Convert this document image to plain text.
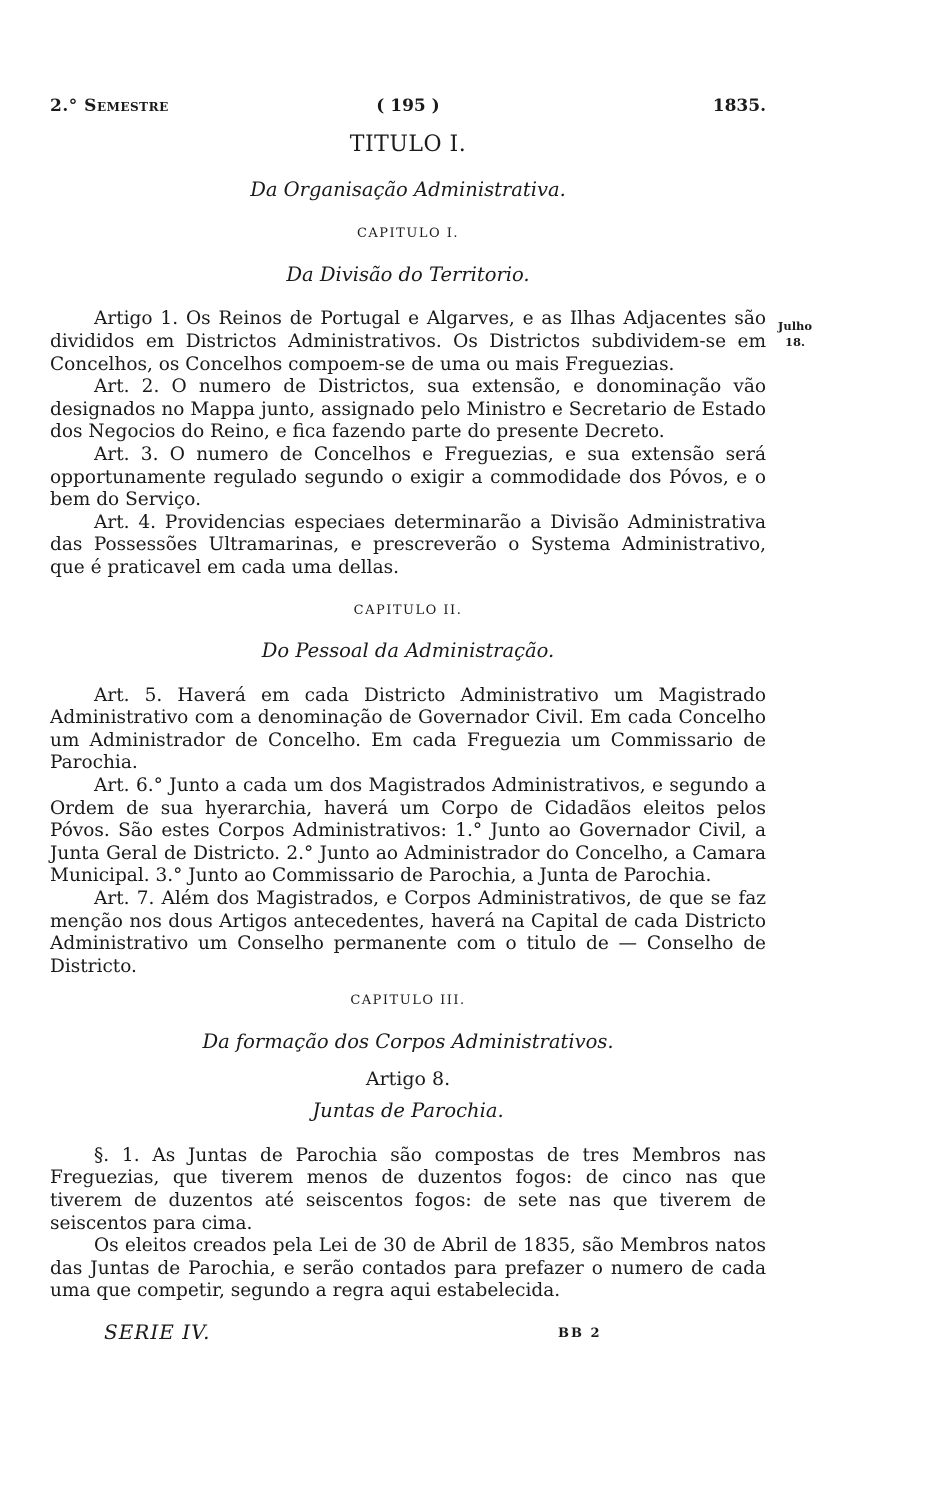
2.° Semestre	( 195 )	1835.
Julho
18.
TITULO I.
Da Organisação Administrativa.
CAPITULO I.
Da Divisão do Territorio.

Artigo 1. Os Reinos de Portugal e Algarves, e as Ilhas Adjacentes são divididos em Districtos Administrativos. Os Districtos subdividem-se em Concelhos, os Concelhos compoem-se de uma ou mais Freguezias.

Art. 2. O numero de Districtos, sua extensão, e donominação vão designados no Mappa junto, assignado pelo Ministro e Secretario de Estado dos Negocios do Reino, e fica fazendo parte do presente Decreto.

Art. 3. O numero de Concelhos e Freguezias, e sua extensão será opportunamente regulado segundo o exigir a commodidade dos Póvos, e o bem do Serviço.

Art. 4. Providencias especiaes determinarão a Divisão Administrativa das Possessões Ultramarinas, e prescreverão o Systema Administrativo, que é praticavel em cada uma dellas.

CAPITULO II.
Do Pessoal da Administração.

Art. 5. Haverá em cada Districto Administrativo um Magistrado Administrativo com a denominação de Governador Civil. Em cada Concelho um Administrador de Concelho. Em cada Freguezia um Commissario de Parochia.

Art. 6.° Junto a cada um dos Magistrados Administrativos, e segundo a Ordem de sua hyerarchia, haverá um Corpo de Cidadãos eleitos pelos Póvos. São estes Corpos Administrativos: 1.° Junto ao Governador Civil, a Junta Geral de Districto. 2.° Junto ao Administrador do Concelho, a Camara Municipal. 3.° Junto ao Commissario de Parochia, a Junta de Parochia.

Art. 7. Além dos Magistrados, e Corpos Administrativos, de que se faz menção nos dous Artigos antecedentes, haverá na Capital de cada Districto Administrativo um Conselho permanente com o titulo de — Conselho de Districto.

CAPITULO III.
Da formação dos Corpos Administrativos.
Artigo 8.
Juntas de Parochia.

§. 1. As Juntas de Parochia são compostas de tres Membros nas Freguezias, que tiverem menos de duzentos fogos: de cinco nas que tiverem de duzentos até seiscentos fogos: de sete nas que tiverem de seiscentos para cima.

Os eleitos creados pela Lei de 30 de Abril de 1835, são Membros natos das Juntas de Parochia, e serão contados para prefazer o numero de cada uma que competir, segundo a regra aqui estabelecida.

SERIE IV.	BB 2
